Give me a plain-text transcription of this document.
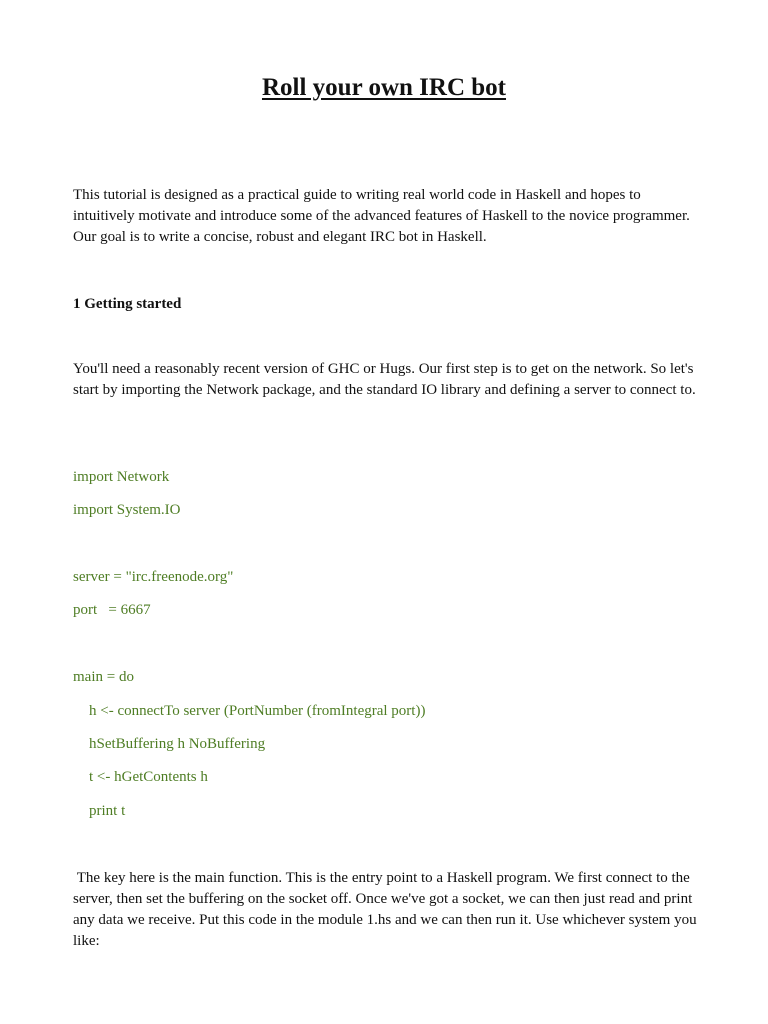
Roll your own IRC bot

This tutorial is designed as a practical guide to writing real world code in Haskell and hopes to intuitively motivate and introduce some of the advanced features of Haskell to the novice programmer. Our goal is to write a concise, robust and elegant IRC bot in Haskell.

1 Getting started

You'll need a reasonably recent version of GHC or Hugs. Our first step is to get on the network. So let's start by importing the Network package, and the standard IO library and defining a server to connect to.

import Network
import System.IO
server = "irc.freenode.org"
port   = 6667
main = do
h <- connectTo server (PortNumber (fromIntegral port))
hSetBuffering h NoBuffering
t <- hGetContents h
print t

The key here is the main function. This is the entry point to a Haskell program. We first connect to the server, then set the buffering on the socket off. Once we've got a socket, we can then just read and print any data we receive. Put this code in the module 1.hs and we can then run it. Use whichever system you like:
